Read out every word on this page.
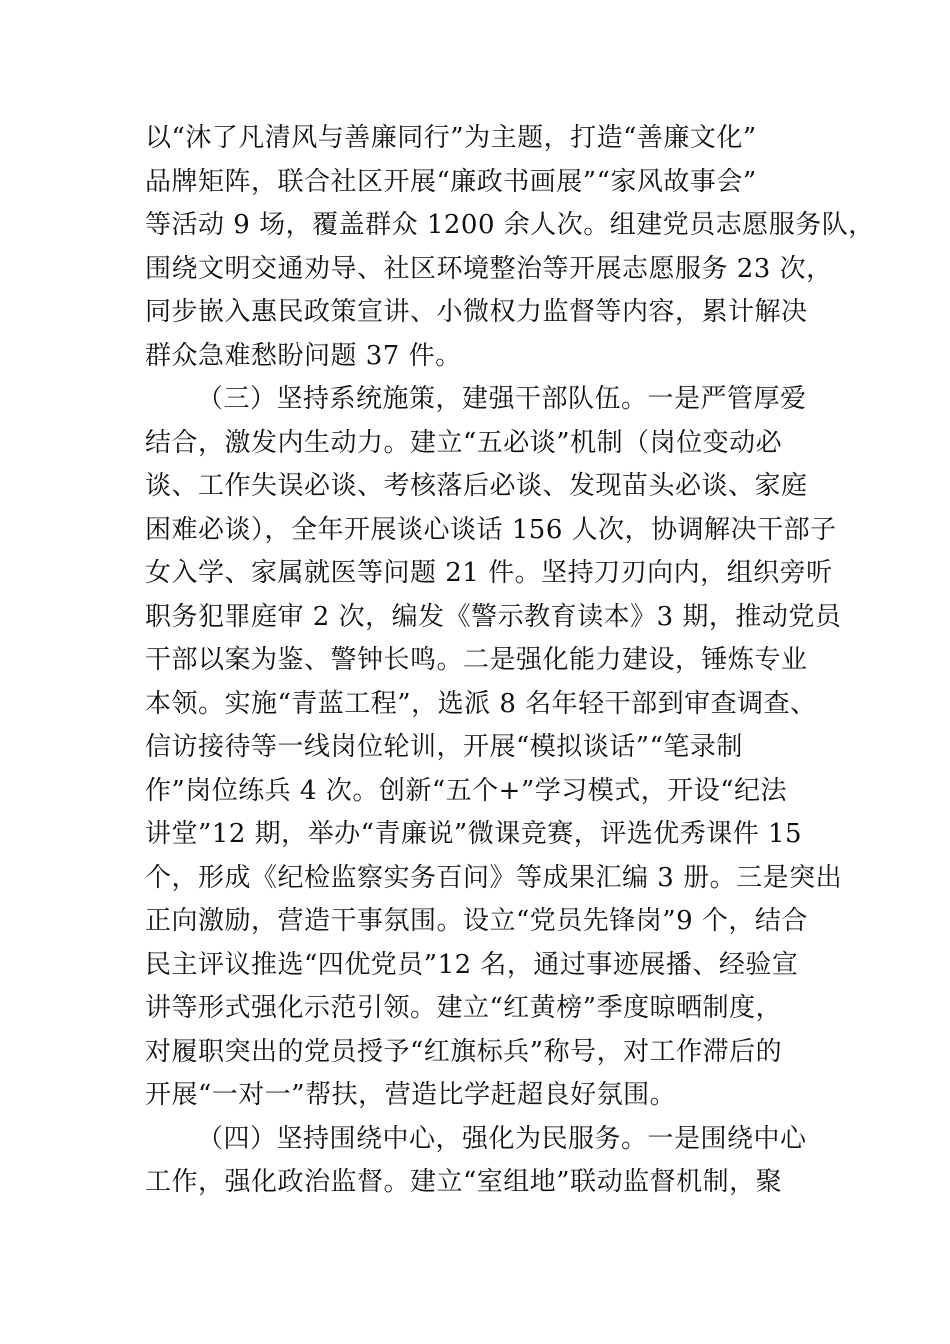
以“沐了凡清风与善廉同行”为主题，打造“善廉文化”
品牌矩阵，联合社区开展“廉政书画展”“家风故事会”
等活动 9 场，覆盖群众 1200 余人次。组建党员志愿服务队，
围绕文明交通劝导、社区环境整治等开展志愿服务 23 次，
同步嵌入惠民政策宣讲、小微权力监督等内容，累计解决
群众急难愁盼问题 37 件。

（三）坚持系统施策，建强干部队伍。一是严管厚爱
结合，激发内生动力。建立“五必谈”机制（岗位变动必
谈、工作失误必谈、考核落后必谈、发现苗头必谈、家庭
困难必谈），全年开展谈心谈话 156 人次，协调解决干部子
女入学、家属就医等问题 21 件。坚持刀刃向内，组织旁听
职务犯罪庭审 2 次，编发《警示教育读本》3 期，推动党员
干部以案为鉴、警钟长鸣。二是强化能力建设，锤炼专业
本领。实施“青蓝工程”，选派 8 名年轻干部到审查调查、
信访接待等一线岗位轮训，开展“模拟谈话”“笔录制
作”岗位练兵 4 次。创新“五个+”学习模式，开设“纪法
讲堂”12 期，举办“青廉说”微课竞赛，评选优秀课件 15
个，形成《纪检监察实务百问》等成果汇编 3 册。三是突出
正向激励，营造干事氛围。设立“党员先锋岗”9 个，结合
民主评议推选“四优党员”12 名，通过事迹展播、经验宣
讲等形式强化示范引领。建立“红黄榜”季度晾晒制度，
对履职突出的党员授予“红旗标兵”称号，对工作滞后的
开展“一对一”帮扶，营造比学赶超良好氛围。

（四）坚持围绕中心，强化为民服务。一是围绕中心
工作，强化政治监督。建立“室组地”联动监督机制，聚
